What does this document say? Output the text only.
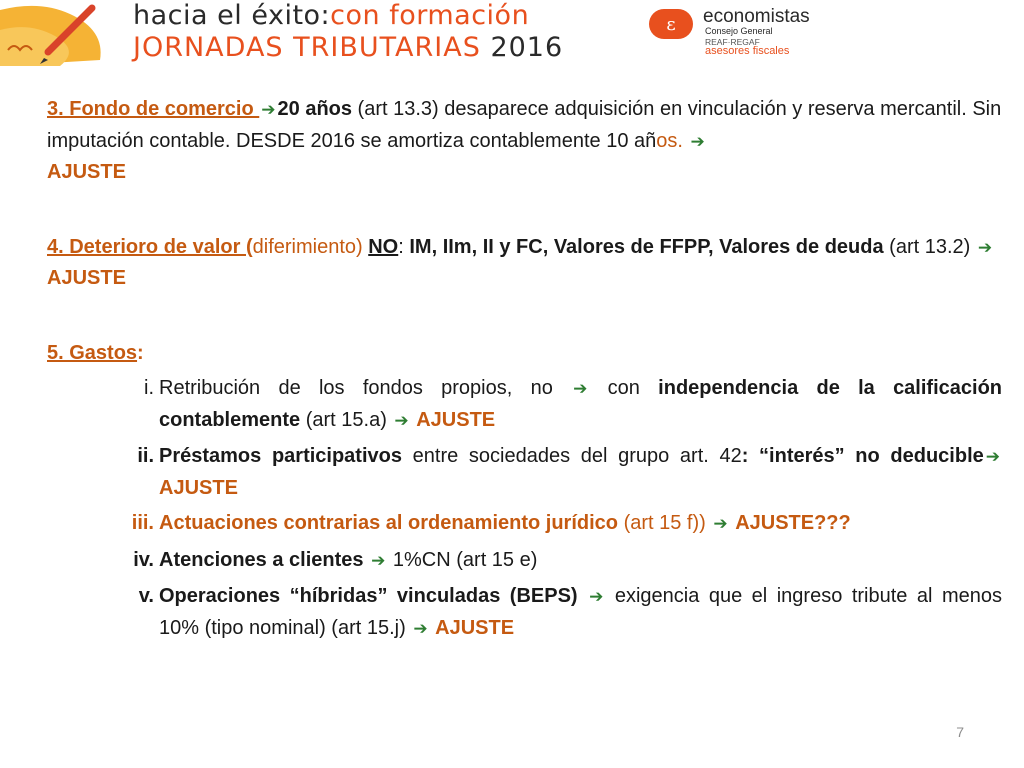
hacia el éxito:con formación
JORNADAS TRIBUTARIAS 2016
ε economistas
Consejo General
REAF·REGAF
asesores fiscales

3. Fondo de comercio ➔ 20 años (art 13.3) desaparece adquisición en vinculación y reserva mercantil. Sin imputación contable. DESDE 2016 se amortiza contablemente 10 años. ➔
AJUSTE

4. Deterioro de valor (diferimiento) NO: IM, IIm, II y FC, Valores de FFPP, Valores de deuda (art 13.2) ➔ AJUSTE

5. Gastos:

i. Retribución de los fondos propios, no ➔ con independencia de la calificación contablemente (art 15.a) ➔ AJUSTE
ii. Préstamos participativos entre sociedades del grupo art. 42: “interés” no deducible ➔ AJUSTE
iii. Actuaciones contrarias al ordenamiento jurídico (art 15 f)) ➔ AJUSTE???
iv. Atenciones a clientes ➔ 1%CN (art 15 e)
v. Operaciones “híbridas” vinculadas (BEPS) ➔ exigencia que el ingreso tribute al menos 10% (tipo nominal) (art 15.j) ➔ AJUSTE
7
